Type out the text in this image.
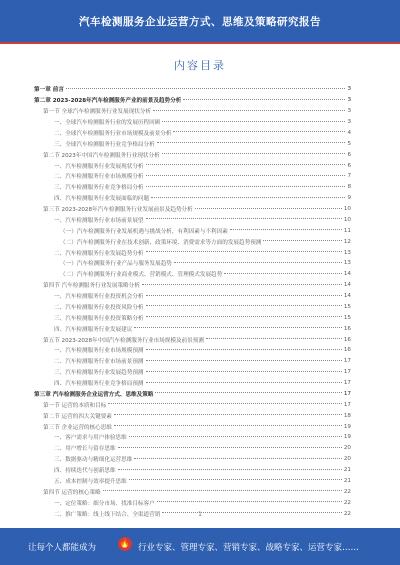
汽车检测服务企业运营方式、思维及策略研究报告
内容目录
第一章 前言	3
第二章 2023-2028年汽车检测服务产业的前景及趋势分析	3
第一节 全球汽车检测服务行业发展现状分析	3
一、全球汽车检测服务行业的发展历程回顾	3
二、全球汽车检测服务行业市场规模及前景分析	4
三、全球汽车检测服务行业竞争格局分析	5
第二节 2023年中国汽车检测服务行业现状分析	6
一、汽车检测服务行业发展现状分析	6
二、汽车检测服务行业市场规模分析	7
三、汽车检测服务行业竞争格局分析	8
四、汽车检测服务行业发展面临的问题	9
第三节 2023-2028年汽车检测服务行业发展前景及趋势分析	10
一、汽车检测服务行业市场前景展望	10
（一）汽车检测服务行业发展机遇与挑战分析，有利因素与不利因素	11
（二）汽车检测服务行业在技术创新、政策环境、消费需求等方面的发展趋势预测	12
二、汽车检测服务行业发展趋势分析	13
（一）汽车检测服务行业产品与服务发展趋势	13
（二）汽车检测服务行业商业模式、营销模式、管理模式发展趋势	14
第四节 汽车检测服务行业发展策略分析	14
一、汽车检测服务行业投资机会分析	14
二、汽车检测服务行业投资风险分析	15
三、汽车检测服务行业投资策略分析	15
四、汽车检测服务行业发展建议	16
第五节 2023-2028年中国汽车检测服务行业市场规模及前景预测	16
一、汽车检测服务行业市场规模预测	16
二、汽车检测服务行业市场前景预测	17
三、汽车检测服务行业发展趋势预测	17
四、汽车检测服务行业竞争格局预测	17
第三章 汽车检测服务企业运营方式、思维及策略	17
第一节 运营的本质和目标	17
第二节 运营的四大关键要素	18
第三节 企业运营的核心思维	19
一、客户需求与用户体验思维	19
二、用户增长与留存思维	20
三、数据驱动与精细化运营思维	20
四、持续迭代与创新思维	21
五、成本控制与效率提升思维	21
第四节 运营的核心策略	22
一、定位策略：细分市场、找准目标客户	22
二、推广策略：线上线下结合、全渠道营销	22
1
让每个人都能成为	🔥 行业专家、管理专家、营销专家、战略专家、运营专家……
